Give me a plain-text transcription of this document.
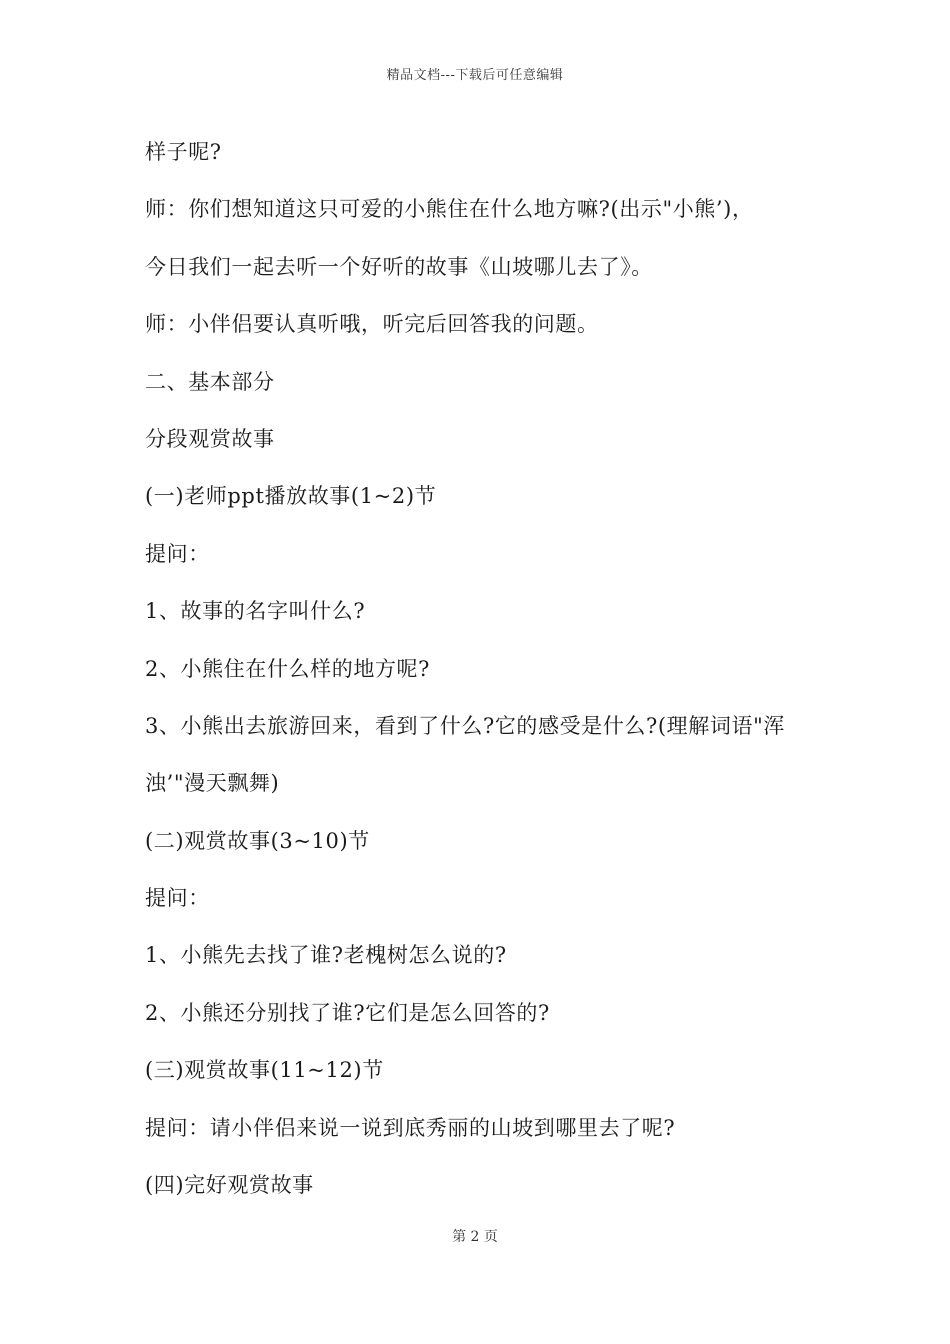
精品文档---下载后可任意编辑
样子呢?
师：你们想知道这只可爱的小熊住在什么地方嘛?(出示"小熊’)，
今日我们一起去听一个好听的故事《山坡哪儿去了》。
师：小伴侣要认真听哦，听完后回答我的问题。
二、基本部分
分段观赏故事
(一)老师ppt播放故事(1~2)节
提问：
1、故事的名字叫什么?
2、小熊住在什么样的地方呢?
3、小熊出去旅游回来，看到了什么?它的感受是什么?(理解词语"浑
浊’"漫天飘舞)
(二)观赏故事(3~10)节
提问：
1、小熊先去找了谁?老槐树怎么说的?
2、小熊还分别找了谁?它们是怎么回答的?
(三)观赏故事(11~12)节
提问：请小伴侣来说一说到底秀丽的山坡到哪里去了呢?
(四)完好观赏故事
第 2 页
